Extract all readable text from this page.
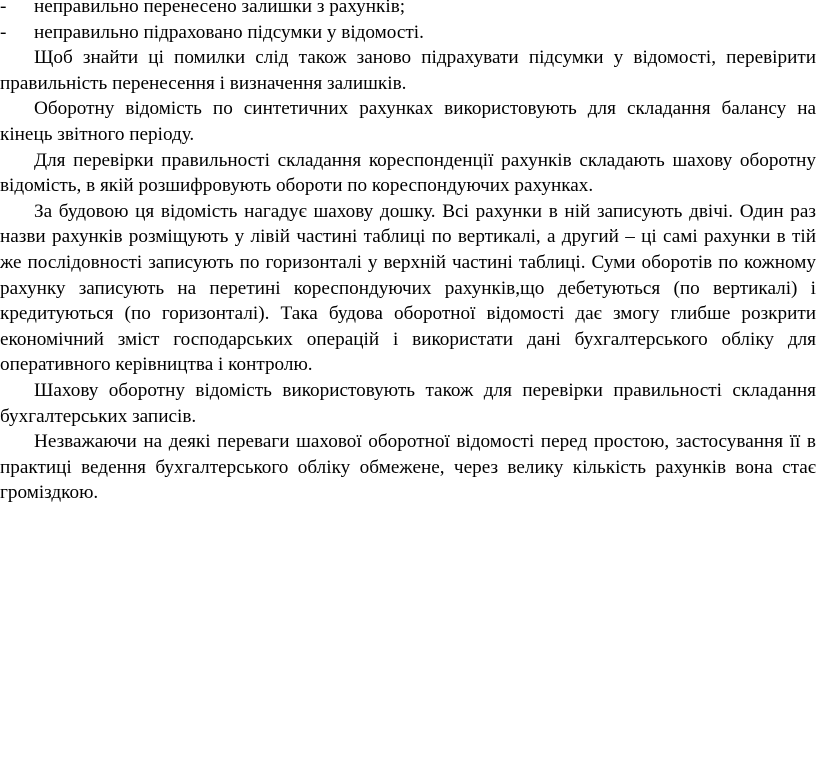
-	неправильно перенесено залишки з рахунків;
-	неправильно підраховано підсумки у відомості.

Щоб знайти ці помилки слід також заново підрахувати підсумки у відомості, перевірити правильність перенесення і визначення залишків.

Оборотну відомість по синтетичних рахунках використовують для складання балансу на кінець звітного періоду.

Для перевірки правильності складання кореспонденції рахунків складають шахову оборотну відомість, в якій розшифровують обороти по кореспондуючих рахунках.

За будовою ця відомість нагадує шахову дошку. Всі рахунки в ній записують двічі. Один раз назви рахунків розміщують у лівій частині таблиці по вертикалі, а другий – ці самі рахунки в тій же послідовності записують по горизонталі у верхній частині таблиці. Суми оборотів по кожному рахунку записують на перетині кореспондуючих рахунків,що дебетуються (по вертикалі) і кредитуються (по горизонталі). Така будова оборотної відомості дає змогу глибше розкрити економічний зміст господарських операцій і використати дані бухгалтерського обліку для оперативного керівництва і контролю.

Шахову оборотну відомість використовують також для перевірки правильності складання бухгалтерських записів.

Незважаючи на деякі переваги шахової оборотної відомості перед простою, застосування її в практиці ведення бухгалтерського обліку обмежене, через велику кількість рахунків вона стає громіздкою.
